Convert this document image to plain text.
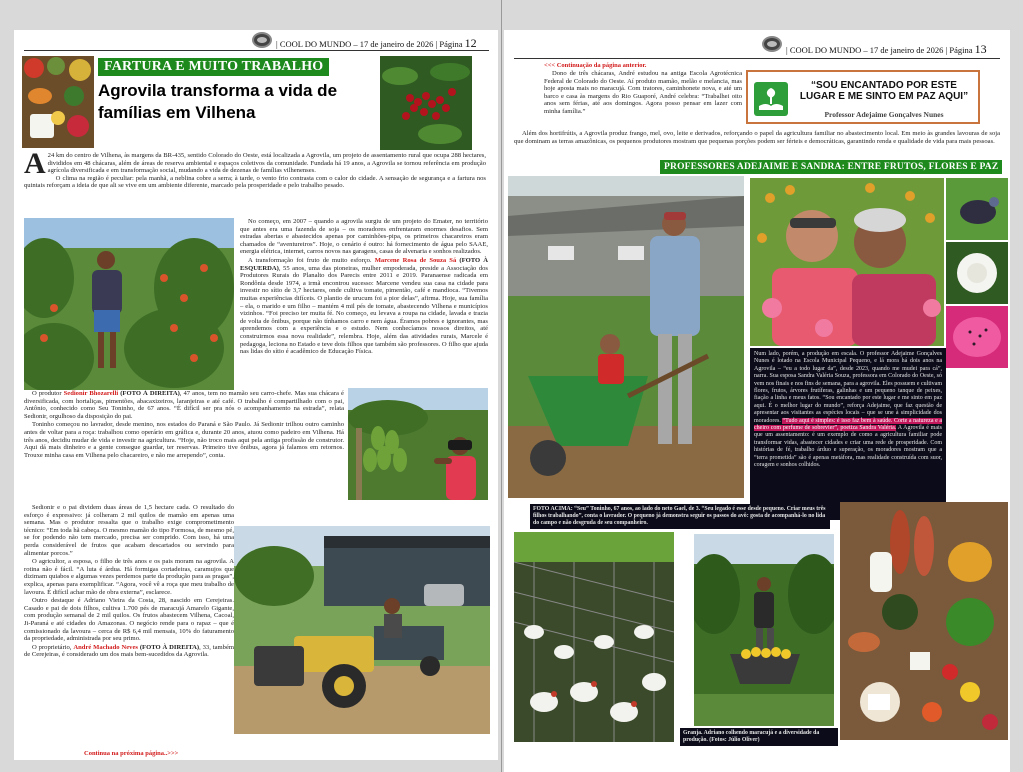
| COOL DO MUNDO – 17 de janeiro de 2026 | Página 12
FARTURA E MUITO TRABALHO
Agrovila transforma a vida de famílias em Vilhena
A 24 km do centro de Vilhena, às margens da BR-435, sentido Colorado do Oeste, está localizada a Agrovila, um projeto de assentamento rural que ocupa 288 hectares, divididos em 48 chácaras, além de áreas de reserva ambiental e espaços coletivos da comunidade. Fundada há 19 anos, a Agrovila se tornou referência em produção agrícola diversificada e em transformação social, mudando a vida de dezenas de famílias vilhenenses.

O clima na região é peculiar: pela manhã, a neblina cobre a serra; à tarde, o vento frio contrasta com o calor do cidade. A sensação de segurança e a fartura nos quintais reforçam a ideia de que ali se vive em um ambiente diferente, marcado pela prosperidade e pelo trabalho pesado.

No começo, em 2007 – quando a agrovila surgiu de um projeto do Emater, no território que antes era uma fazenda de soja – os moradores enfrentaram enormes desafios. Sem estradas abertas e abastecidos apenas por caminhões-pipa, os primeiros chacareiros eram chamados de “aventureiros”. Hoje, o cenário é outro: há fornecimento de água pelo SAAE, energia elétrica, internet, carros novos nas garagens, casas de alvenaria e sonhos realizados.

A transformação foi fruto de muito esforço. Marcene Rosa de Souza Sá (FOTO À ESQUERDA), 55 anos, uma das pioneiras, mulher empoderada, preside a Associação dos Produtores Rurais do Planalto dos Parecis entre 2011 e 2019. Paranaense radicada em Rondônia desde 1974, a irmã encontrou sucesso: Marcene vendeu sua casa na cidade para investir no sítio de 3,7 hectares, onde cultiva tomate, pimentão, café e mandioca. “Tivemos muitas experiências difíceis. O plantio de urucum foi a pior delas”, afirma. Hoje, sua família – ela, o marido e um filho – mantém 4 mil pés de tomate, abastecendo Vilhena e municípios vizinhos. “Foi preciso ter muita fé. No começo, eu levava a roupa na cidade, lavada e trazia de volta de ônibus, porque não tínhamos carro e nem água. Éramos pobres e ignorantes, mas aprendemos com a experiência e o estudo. Nem conhecíamos nossos direitos, até construirmos essa nova realidade”, relembra. Hoje, além das atividades rurais, Marcele é pedagoga, leciona no Estado e teve dois filhos que também são professores. O filho que ajuda nas lidas do sítio é acadêmico de Educação Física.

O produtor Sedionir Bhozarelli (FOTO À DIREITA), 47 anos, tem no mamão seu carro-chefe. Mas sua chácara é diversificada, com hortaliças, pimentões, abacaxizeiros, laranjeiras e até café. O trabalho é compartilhado com o pai, Antônio, conhecido como Seu Toninho, de 67 anos. “É difícil ser pra nós o acompanhamento na estrada”, relata Sedionir, orgulhoso da disposição do pai.

Toninho começou no lavrador, desde menino, nos estados do Paraná e São Paulo. Já Sedionir trilhou outro caminho antes de voltar para a roça: trabalhou como operário em gráfica e, durante 20 anos, atuou como padeiro em Vilhena. Há três anos, decidiu mudar de vida e investir na agricultura. “Hoje, não troco mais aqui pela antiga profissão de construtor. Aqui dá mais dinheiro e a gente consegue guardar, ter reservas. Primeiro tive ônibus, agora já falamos em retornos. Trouxe minha casa em Vilhena pelo chacareiro, e não me arrependo”, conta.

Sedionir e o pai dividem duas áreas de 1,5 hectare cada. O resultado do esforço é expressivo: já colheram 2 mil quilos de mamão em apenas uma semana. Mas o produtor ressalta que o trabalho exige comprometimento técnico: “Em toda hã cabeça. O mesmo mamão do tipo Formosa, de mesmo pé, se for podendo não tem mercado, precisa ser comprido. Com isso, há uma perda considerável de frutos que acabam descartados ou servindo para alimentar porcos.”

O agricultor, a esposa, o filho de três anos e os pais moram na agrovila. A rotina não é fácil. “A luta é árdua. Há formigas cortadeiras, caramujos que dizimam quiabos e algumas vezes perdemos parte da produção para as pragas”, explica, apenas para exemplificar. “Agora, você vê a roça que meu trabalho de lavoura. É difícil achar mão de obra externa”, esclarece.

Outro destaque é Adriano Vieira da Costa, 28, nascido em Cerejeiras. Casado e pai de dois filhos, cultiva 1.700 pés de maracujá Amarelo Gigante, com produção semanal de 2 mil quilos. Os frutos abastecem Vilhena, Cacoal, Ji-Paraná e até cidades do Amazonas. O negócio rende para o rapaz – que é comissionado da lavoura – cerca de R$ 6,4 mil mensais, 10% do faturamento da propriedade, administrada por seu primo.

O proprietário, André Machado Neves (FOTO À DIREITA), 33, também de Cerejeiras, é considerado um dos mais bem-sucedidos da Agrovila.

Continua na próxima página..>>>
| COOL DO MUNDO – 17 de janeiro de 2026 | Página 13
<<< Continuação da página anterior.

Dono de três chácaras, André estudou na antiga Escola Agrotécnica Federal de Colorado do Oeste. Aí produto mamão, melão e melancia, mas hoje aposta mais no maracujá. Com tratores, caminhonete nova, e até um barco e casa às margens do Rio Guaporé, André celebra: “Trabalhei oito anos sem férias, até aos domingos. Agora posso pensar em lazer com minha família.”

“SOU ENCANTADO POR ESTE LUGAR E ME SINTO EM PAZ AQUI”
Professor Adejaime Gonçalves Nunes

Além dos hortifrútis, a Agrovila produz frango, mel, ovo, leite e derivados, reforçando o papel da agricultura familiar no abastecimento local. Em meio às grandes lavouras de soja que dominam as terras amazônicas, os pequenos produtores mostram que pequenas porções podem ser férteis e democráticas, garantindo renda e qualidade de vida para mais pessoas.

PROFESSORES ADEJAIME E SANDRA: ENTRE FRUTOS, FLORES E PAZ
Num lado, porém, a produção em escala. O professor Adejaime Gonçalves Nunes é lotado na Escola Municipal Pequeno, e lá mora há dois anos na Agrovila – “eu a todo lugar da”, desde 2023, quando me mudei para cá”, narra. Sua esposa Sandra Valéria Souza, professora em Colorado do Oeste, só vem nos finais e nos fins de semana, para a agrovila. Eles possuem e cultivam flores, frutos, árvores frutíferas, galinhas e um pequeno tanque de peixes, fiação a linha e meus fatos. “Sou encantado por este lugar e me sinto em paz aqui. É o melhor lugar do mundo”, reforça Adejaime, que faz questão de apresentar aos visitantes as espécies locais – que se une à simplicidade dos moradores. “Tudo aqui é simples: é isso faz bem à saúde. Corte a natureza e a cheiro com perfume de sobrevier”, poetiza Sandra Valéria. A Agrovila é mais que um assentamento: é um exemplo de como a agricultura familiar pode transformar vidas, abastecer cidades e criar uma rede de prosperidade. Com histórias de fé, trabalho árduo e superação, os moradores mostram que a “terra prometida” são é apenas metáfora, mas realidade construída com suor, coragem e sonhos colhidos.
FOTO ACIMA: “Seu” Toninho, 67 anos, ao lado do neto Gael, de 3. “Seu legado é esse desde pequeno. Criar meus três filhos trabalhando”, conta o lavrador. O pequeno já demonstra seguir os passos do avô: gosta de acompanhá-lo no lida do campo e não desgruda de seu companheiro.
Granja. Adriano colhendo maracujá e a diversidade da produção. (Fotos: Júlio Oliver)
